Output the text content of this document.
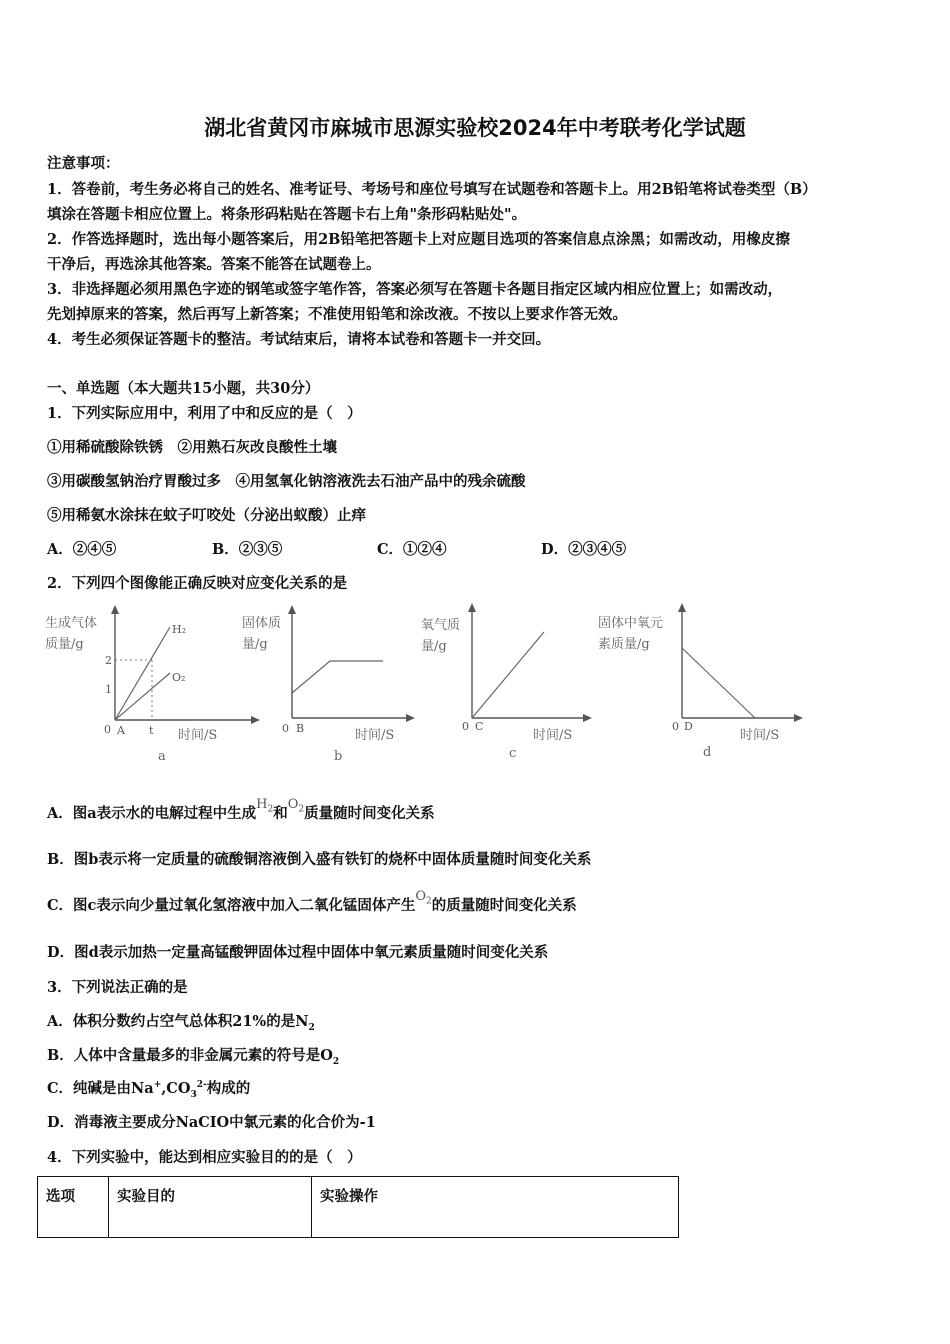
湖北省黄冈市麻城市思源实验校2024年中考联考化学试题
注意事项：
1．答卷前，考生务必将自己的姓名、准考证号、考场号和座位号填写在试题卷和答题卡上。用2B铅笔将试卷类型（B）
填涂在答题卡相应位置上。将条形码粘贴在答题卡右上角"条形码粘贴处"。
2．作答选择题时，选出每小题答案后，用2B铅笔把答题卡上对应题目选项的答案信息点涂黑；如需改动，用橡皮擦
干净后，再选涂其他答案。答案不能答在试题卷上。
3．非选择题必须用黑色字迹的钢笔或签字笔作答，答案必须写在答题卡各题目指定区域内相应位置上；如需改动，
先划掉原来的答案，然后再写上新答案；不准使用铅笔和涂改液。不按以上要求作答无效。
4．考生必须保证答题卡的整洁。考试结束后，请将本试卷和答题卡一并交回。
一、单选题（本大题共15小题，共30分）
1．下列实际应用中，利用了中和反应的是（　）
①用稀硫酸除铁锈　②用熟石灰改良酸性土壤
③用碳酸氢钠治疗胃酸过多　④用氢氧化钠溶液洗去石油产品中的残余硫酸
⑤用稀氨水涂抹在蚊子叮咬处（分泌出蚁酸）止痒
A．②④⑤	B．②③⑤	C．①②④	D．②③④⑤
2．下列四个图像能正确反映对应变化关系的是
生成气体
质量/g
2
1
0 A t
H₂
O₂
时间/S
a
固体质
量/g
0 B	时间/S
b
氧气质
量/g
0 C
时间/S
c
固体中氧元
素质量/g
0 D
时间/S
d
A．图a表示水的电解过程中生成$H_2$和$O_2$质量随时间变化关系
B．图b表示将一定质量的硫酸铜溶液倒入盛有铁钉的烧杯中固体质量随时间变化关系
C．图c表示向少量过氧化氢溶液中加入二氧化锰固体产生$O_2$的质量随时间变化关系
D．图d表示加热一定量高锰酸钾固体过程中固体中氧元素质量随时间变化关系
3．下列说法正确的是
A．体积分数约占空气总体积21%的是$N_2$
B．人体中含量最多的非金属元素的符号是$O_2$
C．纯碱是由$Na^+,CO_3^{2-}$构成的
D．消毒液主要成分NaCIO中氯元素的化合价为-1
4．下列实验中，能达到相应实验目的的是（　）
选项	实验目的	实验操作
